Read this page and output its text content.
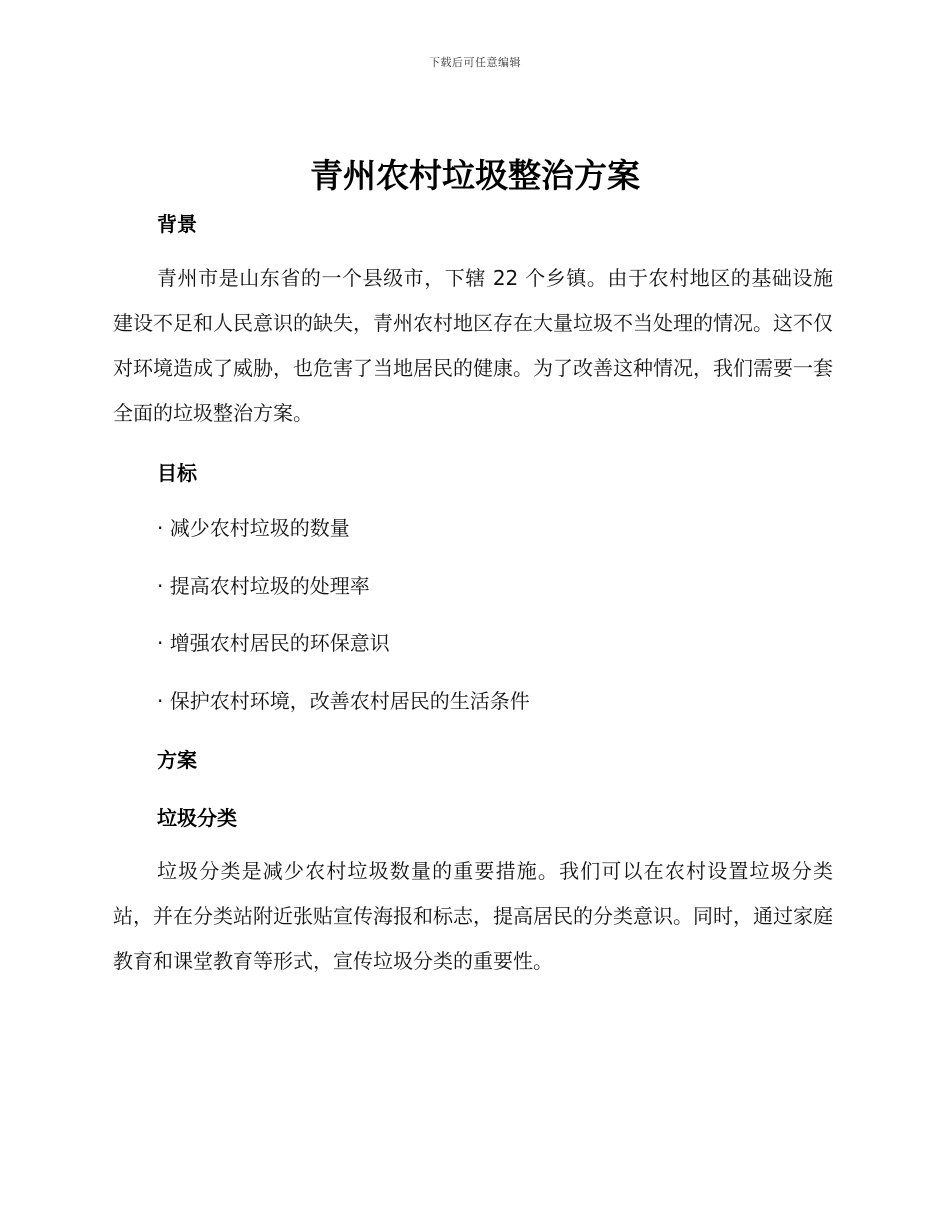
下载后可任意编辑
青州农村垃圾整治方案
背景

青州市是山东省的一个县级市，下辖 22 个乡镇。由于农村地区的基础设施建设不足和人民意识的缺失，青州农村地区存在大量垃圾不当处理的情况。这不仅对环境造成了威胁，也危害了当地居民的健康。为了改善这种情况，我们需要一套全面的垃圾整治方案。

目标
· 减少农村垃圾的数量
· 提高农村垃圾的处理率
· 增强农村居民的环保意识
· 保护农村环境，改善农村居民的生活条件
方案
垃圾分类

垃圾分类是减少农村垃圾数量的重要措施。我们可以在农村设置垃圾分类站，并在分类站附近张贴宣传海报和标志，提高居民的分类意识。同时，通过家庭教育和课堂教育等形式，宣传垃圾分类的重要性。
